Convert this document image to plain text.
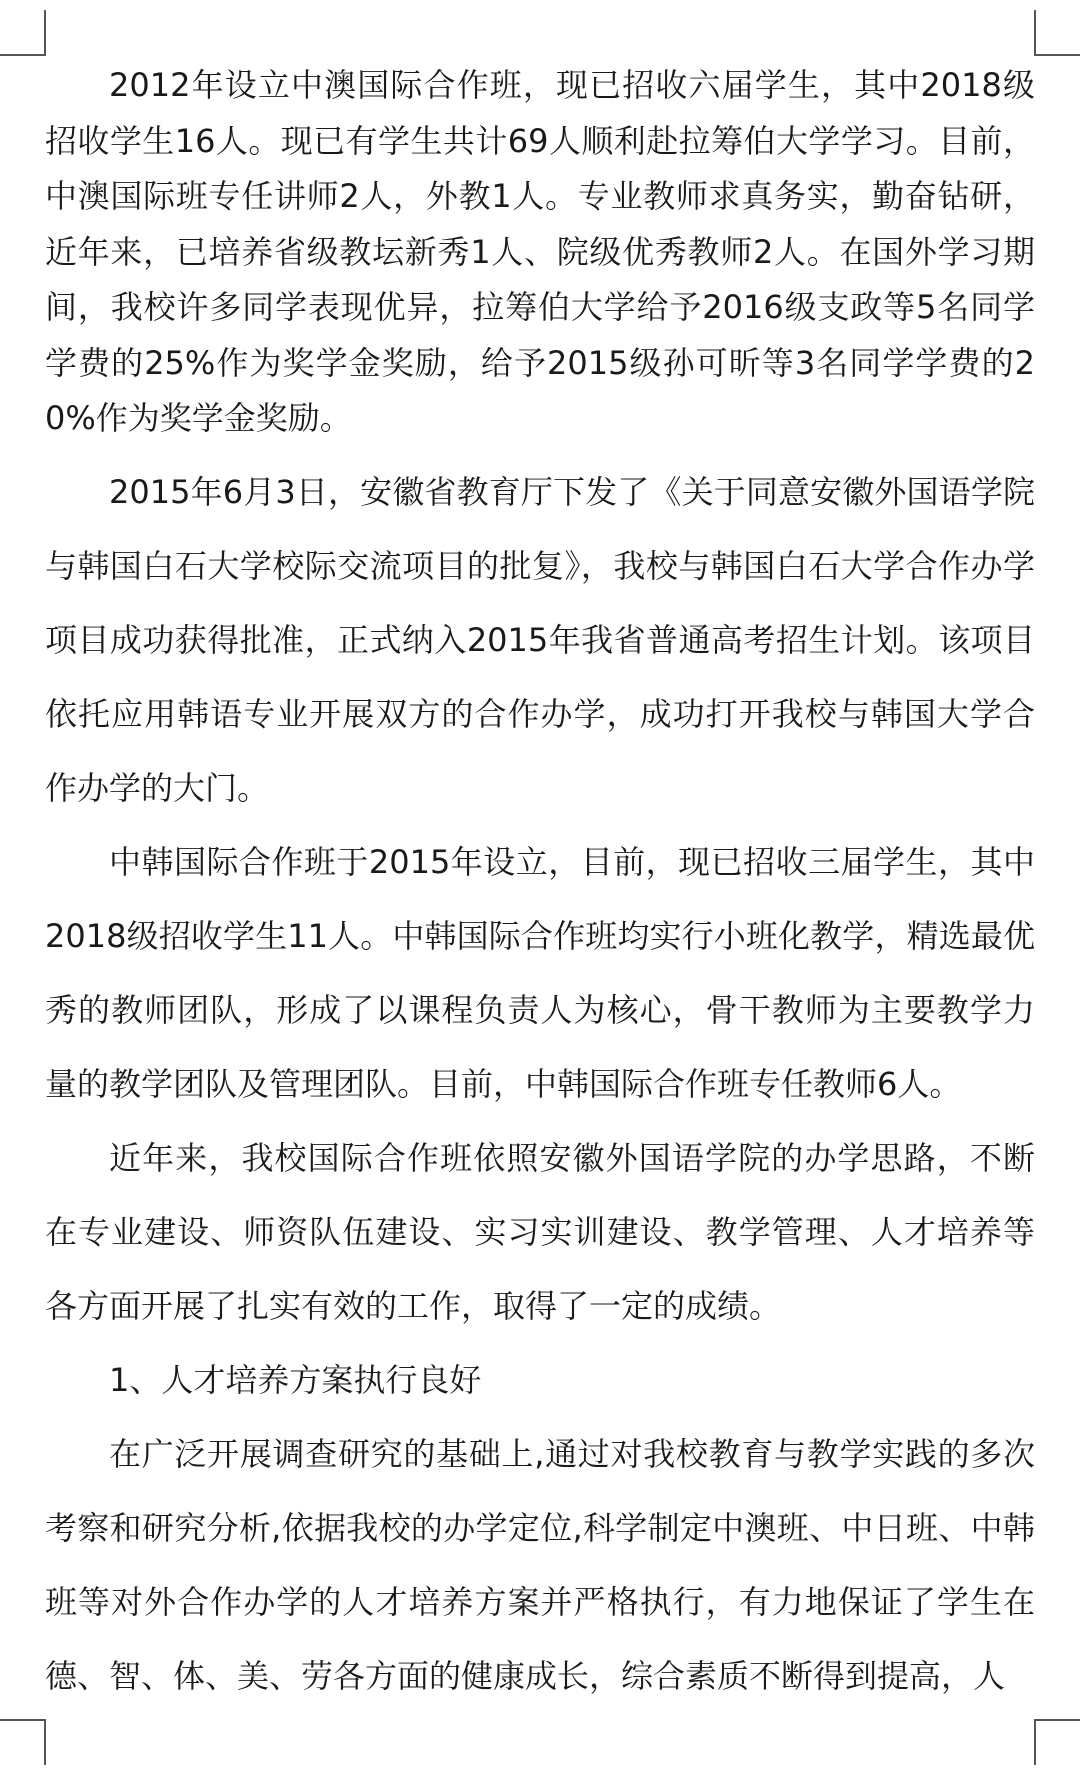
2012年设立中澳国际合作班，现已招收六届学生，其中2018级招收学生16人。现已有学生共计69人顺利赴拉筹伯大学学习。目前，中澳国际班专任讲师2人，外教1人。专业教师求真务实，勤奋钻研，近年来，已培养省级教坛新秀1人、院级优秀教师2人。在国外学习期间，我校许多同学表现优异，拉筹伯大学给予2016级支政等5名同学学费的25%作为奖学金奖励，给予2015级孙可昕等3名同学学费的20%作为奖学金奖励。

2015年6月3日，安徽省教育厅下发了《关于同意安徽外国语学院与韩国白石大学校际交流项目的批复》，我校与韩国白石大学合作办学项目成功获得批准，正式纳入2015年我省普通高考招生计划。该项目依托应用韩语专业开展双方的合作办学，成功打开我校与韩国大学合作办学的大门。

中韩国际合作班于2015年设立，目前，现已招收三届学生，其中2018级招收学生11人。中韩国际合作班均实行小班化教学，精选最优秀的教师团队，形成了以课程负责人为核心，骨干教师为主要教学力量的教学团队及管理团队。目前，中韩国际合作班专任教师6人。

近年来，我校国际合作班依照安徽外国语学院的办学思路，不断在专业建设、师资队伍建设、实习实训建设、教学管理、人才培养等各方面开展了扎实有效的工作，取得了一定的成绩。

1、人才培养方案执行良好

在广泛开展调查研究的基础上,通过对我校教育与教学实践的多次考察和研究分析,依据我校的办学定位,科学制定中澳班、中日班、中韩班等对外合作办学的人才培养方案并严格执行，有力地保证了学生在德、智、体、美、劳各方面的健康成长，综合素质不断得到提高，人
